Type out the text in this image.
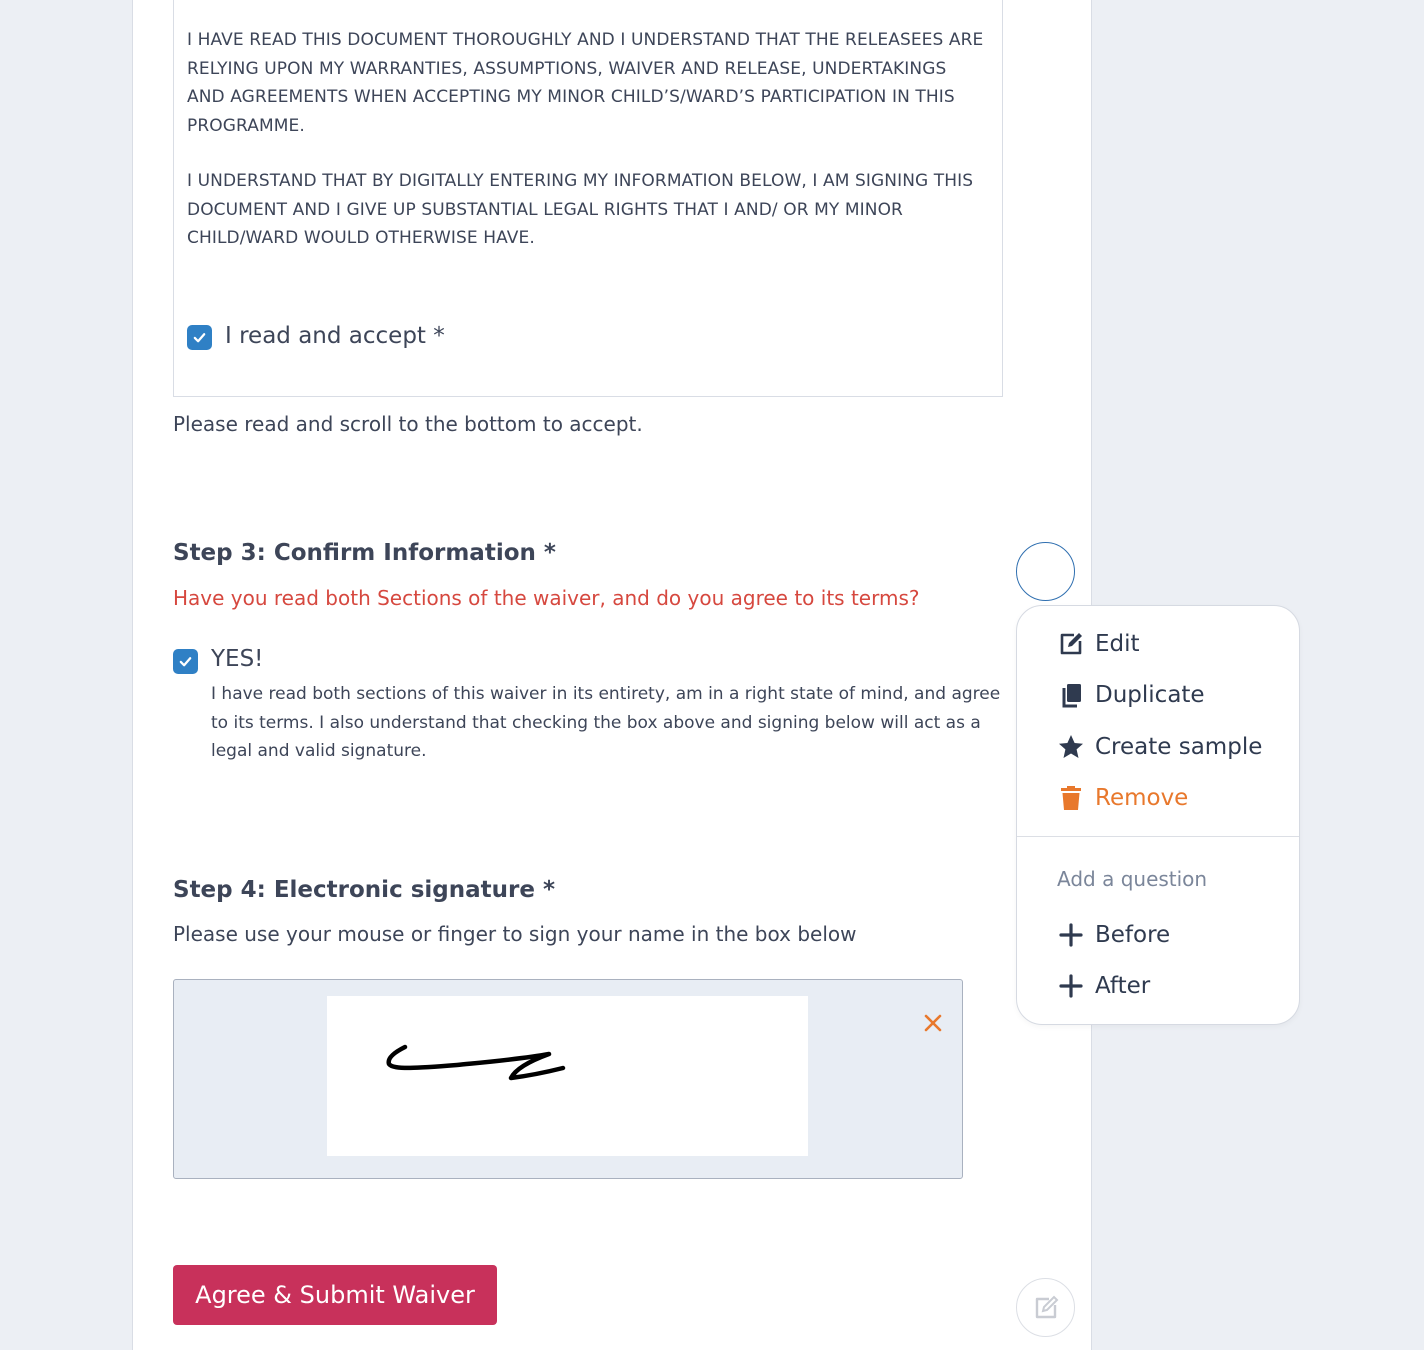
I HAVE READ THIS DOCUMENT THOROUGHLY AND I UNDERSTAND THAT THE RELEASEES ARE RELYING UPON MY WARRANTIES, ASSUMPTIONS, WAIVER AND RELEASE, UNDERTAKINGS AND AGREEMENTS WHEN ACCEPTING MY MINOR CHILD’S/WARD’S PARTICIPATION IN THIS PROGRAMME.

I UNDERSTAND THAT BY DIGITALLY ENTERING MY INFORMATION BELOW, I AM SIGNING THIS DOCUMENT AND I GIVE UP SUBSTANTIAL LEGAL RIGHTS THAT I AND/ OR MY MINOR CHILD/WARD WOULD OTHERWISE HAVE.

I read and accept *

Please read and scroll to the bottom to accept.

Step 3: Confirm Information *

Have you read both Sections of the waiver, and do you agree to its terms?

YES!

I have read both sections of this waiver in its entirety, am in a right state of mind, and agree to its terms. I also understand that checking the box above and signing below will act as a legal and valid signature.

Step 4: Electronic signature *

Please use your mouse or finger to sign your name in the box below

Agree & Submit Waiver
Edit
Duplicate
Create sample
Remove

Add a question

Before
After
